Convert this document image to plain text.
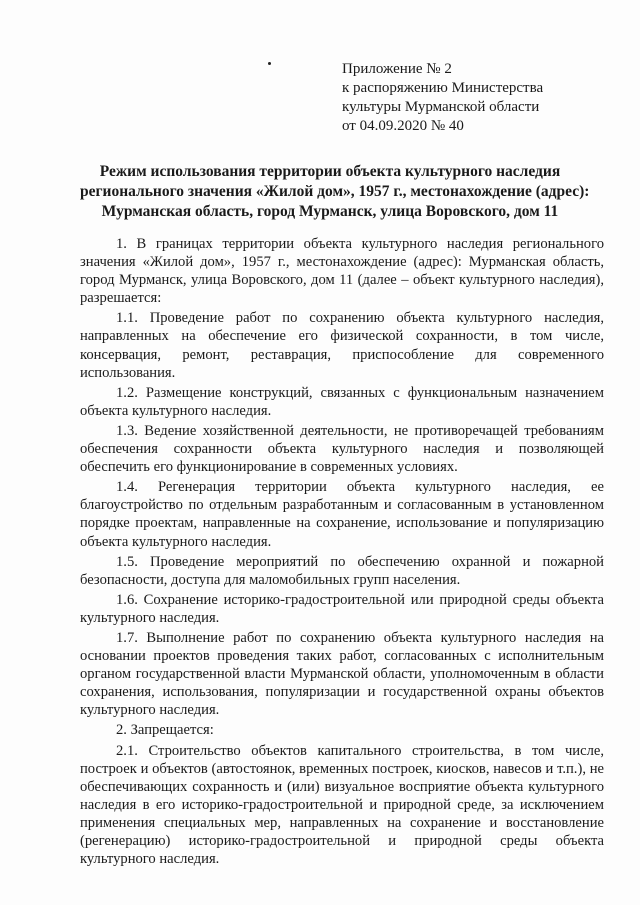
Приложение № 2
к распоряжению Министерства
культуры Мурманской области
от 04.09.2020 № 40
Режим использования территории объекта культурного наследия
регионального значения «Жилой дом», 1957 г., местонахождение (адрес):
Мурманская область, город Мурманск, улица Воровского, дом 11

1. В границах территории объекта культурного наследия регионального значения «Жилой дом», 1957 г., местонахождение (адрес): Мурманская область, город Мурманск, улица Воровского, дом 11 (далее – объект культурного наследия), разрешается:

1.1. Проведение работ по сохранению объекта культурного наследия, направленных на обеспечение его физической сохранности, в том числе, консервация, ремонт, реставрация, приспособление для современного использования.

1.2. Размещение конструкций, связанных с функциональным назначением объекта культурного наследия.

1.3. Ведение хозяйственной деятельности, не противоречащей требованиям обеспечения сохранности объекта культурного наследия и позволяющей обеспечить его функционирование в современных условиях.

1.4. Регенерация территории объекта культурного наследия, ее благоустройство по отдельным разработанным и согласованным в установленном порядке проектам, направленные на сохранение, использование и популяризацию объекта культурного наследия.

1.5. Проведение мероприятий по обеспечению охранной и пожарной безопасности, доступа для маломобильных групп населения.

1.6. Сохранение историко-градостроительной или природной среды объекта культурного наследия.

1.7. Выполнение работ по сохранению объекта культурного наследия на основании проектов проведения таких работ, согласованных с исполнительным органом государственной власти Мурманской области, уполномоченным в области сохранения, использования, популяризации и государственной охраны объектов культурного наследия.

2. Запрещается:

2.1. Строительство объектов капитального строительства, в том числе, построек и объектов (автостоянок, временных построек, киосков, навесов и т.п.), не обеспечивающих сохранность и (или) визуальное восприятие объекта культурного наследия в его историко-градостроительной и природной среде, за исключением применения специальных мер, направленных на сохранение и восстановление (регенерацию) историко-градостроительной и природной среды объекта культурного наследия.
